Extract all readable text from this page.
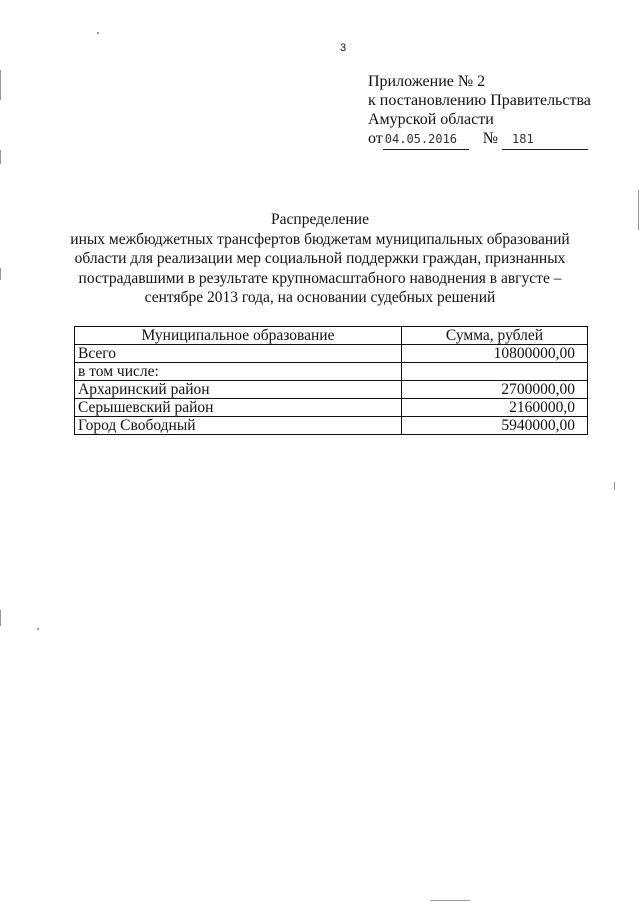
3
Приложение № 2
к постановлению Правительства
Амурской области
от 04.05.2016 № 181
Распределение
иных межбюджетных трансфертов бюджетам муниципальных образований
области для реализации мер социальной поддержки граждан, признанных
пострадавшими в результате крупномасштабного наводнения в августе –
сентябре 2013 года, на основании судебных решений
Муниципальное образование	Сумма, рублей
Всего	10800000,00
в том числе:	
Архаринский район	2700000,00
Серышевский район	2160000,0
Город Свободный	5940000,00
